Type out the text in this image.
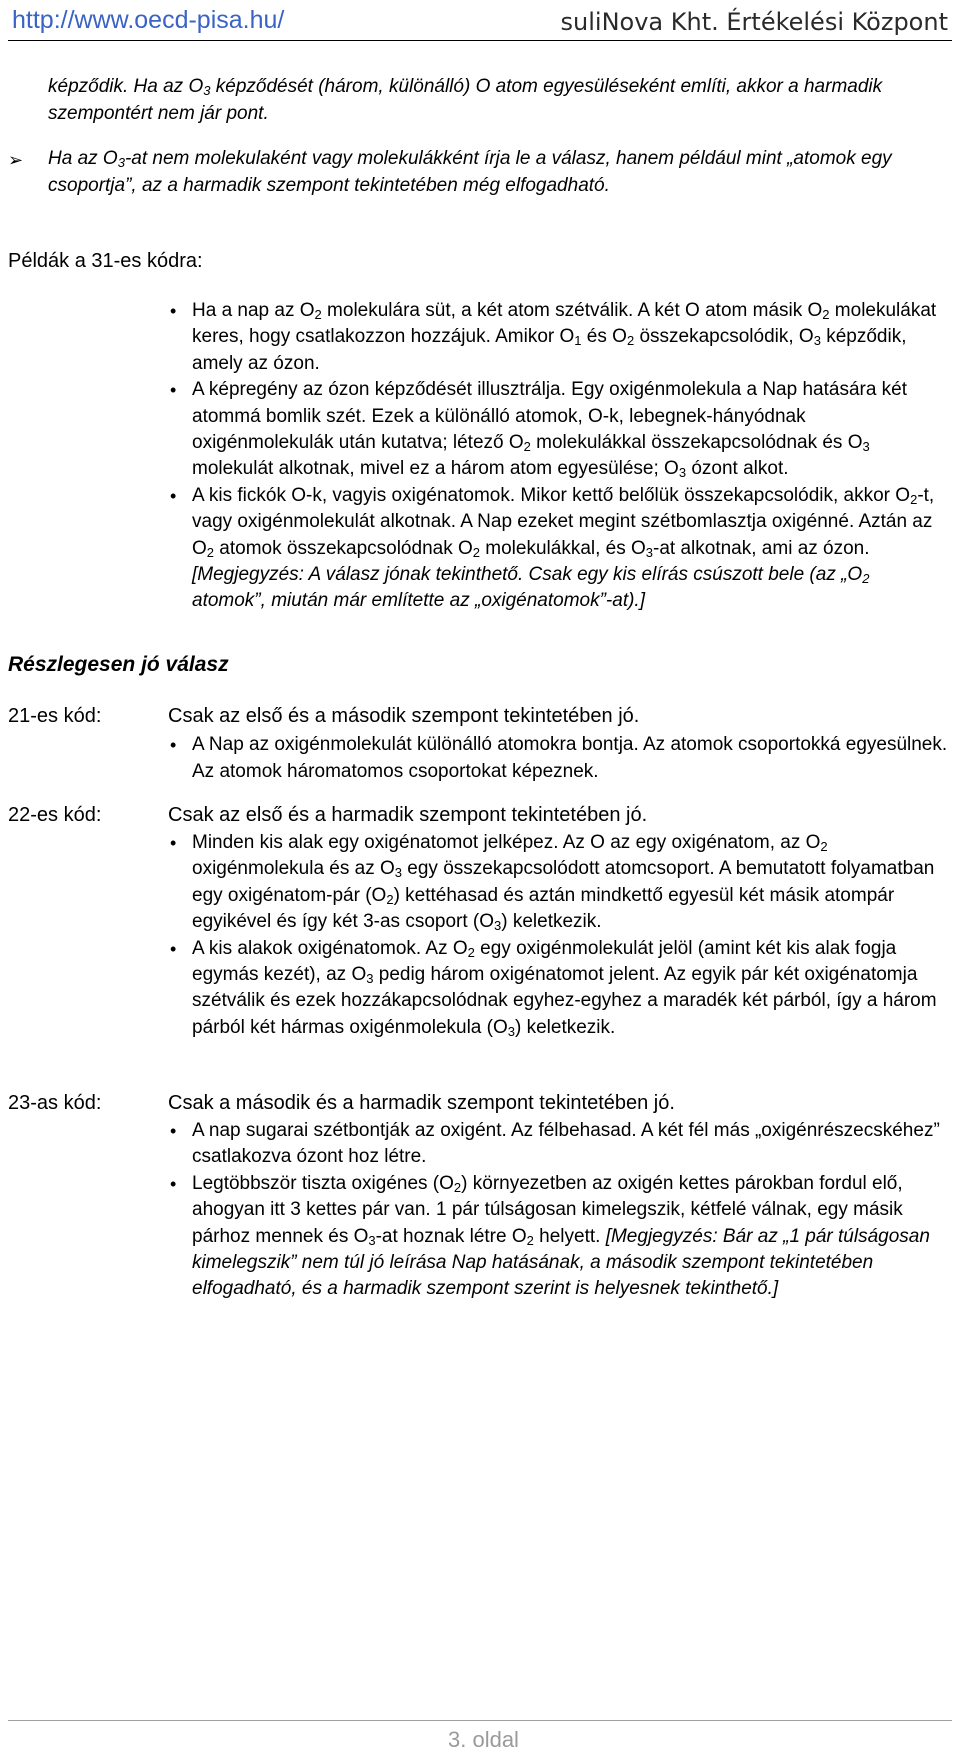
http://www.oecd-pisa.hu/	suliNova Kht. Értékelési Központ

képződik. Ha az $O_3$ képződését (három, különálló) O atom egyesüléseként említi, akkor a harmadik szempontért nem jár pont.

➢ Ha az $O_3-at$ nem molekulaként vagy molekulákként írja le a válasz, hanem például mint „atomok egy csoportja”, az a harmadik szempont tekintetében még elfogadható.

Példák a 31-es kódra:

• Ha a nap az $O_2$ molekulára süt, a két atom szétválik. A két O atom másik $O_2$ molekulákat keres, hogy csatlakozzon hozzájuk. Amikor $O_1$ és $O_2$ összekapcsolódik, $O_3$ képződik, amely az ózon.
• A képregény az ózon képződését illusztrálja. Egy oxigénmolekula a Nap hatására két atommá bomlik szét. Ezek a különálló atomok, O-k, lebegnek-hányódnak oxigénmolekulák után kutatva; létező $O_2$ molekulákkal összekapcsolódnak és $O_3$ molekulát alkotnak, mivel ez a három atom egyesülése; $O_3$ ózont alkot.
• A kis fickók O-k, vagyis oxigénatomok. Mikor kettő belőlük összekapcsolódik, akkor $O_2-t$, vagy oxigénmolekulát alkotnak. A Nap ezeket megint szétbomlasztja oxigénné. Aztán az $O_2$ atomok összekapcsolódnak $O_2$ molekulákkal, és $O_3-at$ alkotnak, ami az ózon. [Megjegyzés: A válasz jónak tekinthető. Csak egy kis elírás csúszott bele (az $„O_2$ atomok”, miután már említette az „oxigénatomok”-at).]

Részlegesen jó válasz

21-es kód:	Csak az első és a második szempont tekintetében jó.
• A Nap az oxigénmolekulát különálló atomokra bontja. Az atomok csoportokká egyesülnek. Az atomok háromatomos csoportokat képeznek.
22-es kód:	Csak az első és a harmadik szempont tekintetében jó.
• Minden kis alak egy oxigénatomot jelképez. Az O az egy oxigénatom, az $O_2$ oxigénmolekula és az $O_3$ egy összekapcsolódott atomcsoport. A bemutatott folyamatban egy oxigénatom-pár $(O_2)$ kettéhasad és aztán mindkettő egyesül két másik atompár egyikével és így két 3-as csoport $(O_3)$ keletkezik.
• A kis alakok oxigénatomok. Az $O_2$ egy oxigénmolekulát jelöl (amint két kis alak fogja egymás kezét), az $O_3$ pedig három oxigénatomot jelent. Az egyik pár két oxigénatomja szétválik és ezek hozzákapcsolódnak egyhez-egyhez a maradék két párból, így a három párból két hármas oxigénmolekula $(O_3)$ keletkezik.
23-as kód:	Csak a második és a harmadik szempont tekintetében jó.
• A nap sugarai szétbontják az oxigént. Az félbehasad. A két fél más „oxigénrészecskéhez” csatlakozva ózont hoz létre.
• Legtöbbször tiszta oxigénes $(O_2)$ környezetben az oxigén kettes párokban fordul elő, ahogyan itt 3 kettes pár van. 1 pár túlságosan kimelegszik, kétfelé válnak, egy másik párhoz mennek és $O_3-at$ hoznak létre $O_2$ helyett. [Megjegyzés: Bár az „1 pár túlságosan kimelegszik” nem túl jó leírása Nap hatásának, a második szempont tekintetében elfogadható, és a harmadik szempont szerint is helyesnek tekinthető.]
3. oldal
